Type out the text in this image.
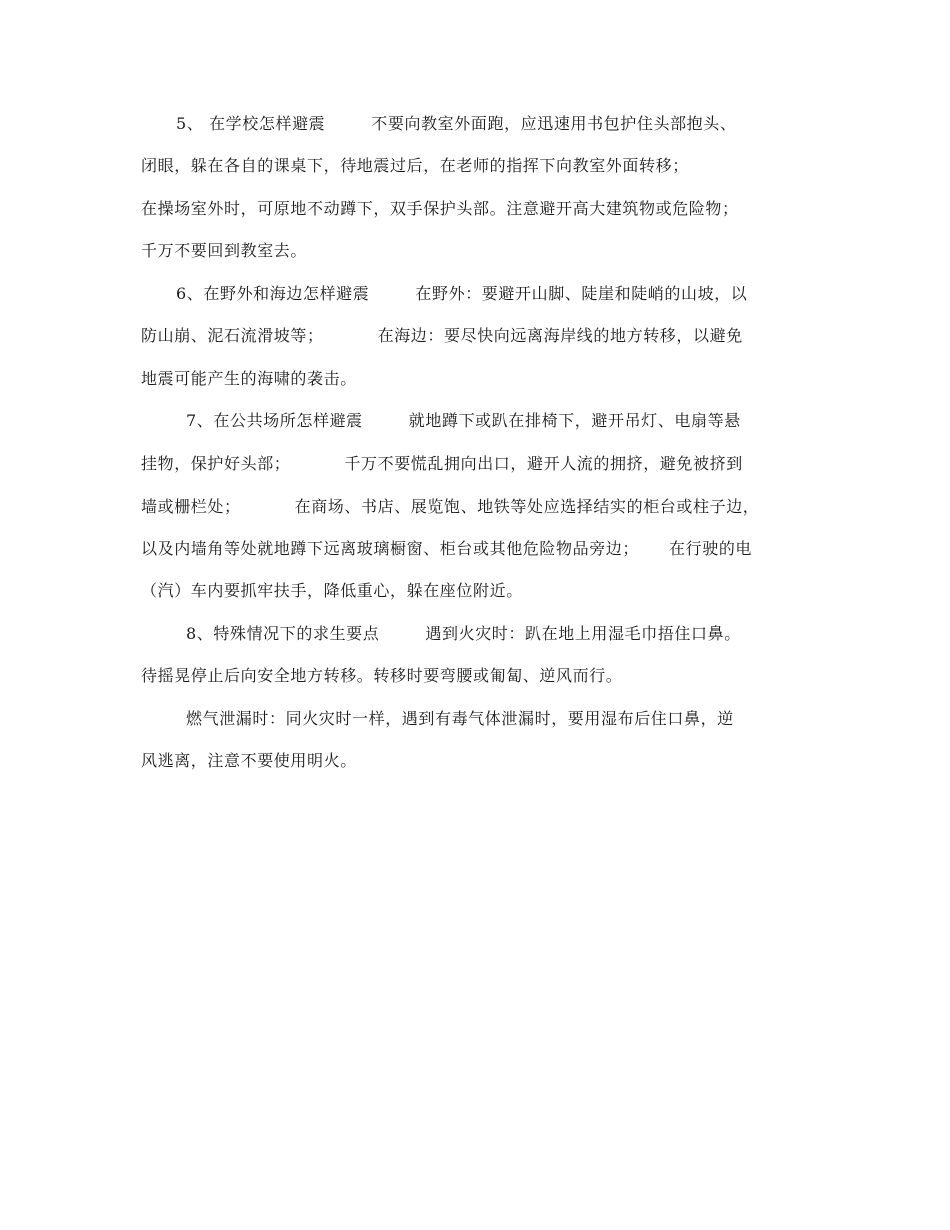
5、 在学校怎样避震	不要向教室外面跑，应迅速用书包护住头部抱头、
闭眼，躲在各自的课桌下，待地震过后，在老师的指挥下向教室外面转移；
在操场室外时，可原地不动蹲下，双手保护头部。注意避开高大建筑物或危险物；
千万不要回到教室去。
6、在野外和海边怎样避震	在野外：要避开山脚、陡崖和陡峭的山坡，以
防山崩、泥石流滑坡等；	在海边：要尽快向远离海岸线的地方转移，以避免
地震可能产生的海啸的袭击。
7、在公共场所怎样避震	就地蹲下或趴在排椅下，避开吊灯、电扇等悬
挂物，保护好头部；	千万不要慌乱拥向出口，避开人流的拥挤，避免被挤到
墙或栅栏处；	在商场、书店、展览饱、地铁等处应选择结实的柜台或柱子边，
以及内墙角等处就地蹲下远离玻璃橱窗、柜台或其他危险物品旁边； 在行驶的电
（汽）车内要抓牢扶手，降低重心，躲在座位附近。
8、特殊情况下的求生要点	遇到火灾时：趴在地上用湿毛巾捂住口鼻。
待摇晃停止后向安全地方转移。转移时要弯腰或匍匐、逆风而行。
燃气泄漏时：同火灾时一样，遇到有毒气体泄漏时，要用湿布后住口鼻，逆
风逃离，注意不要使用明火。
